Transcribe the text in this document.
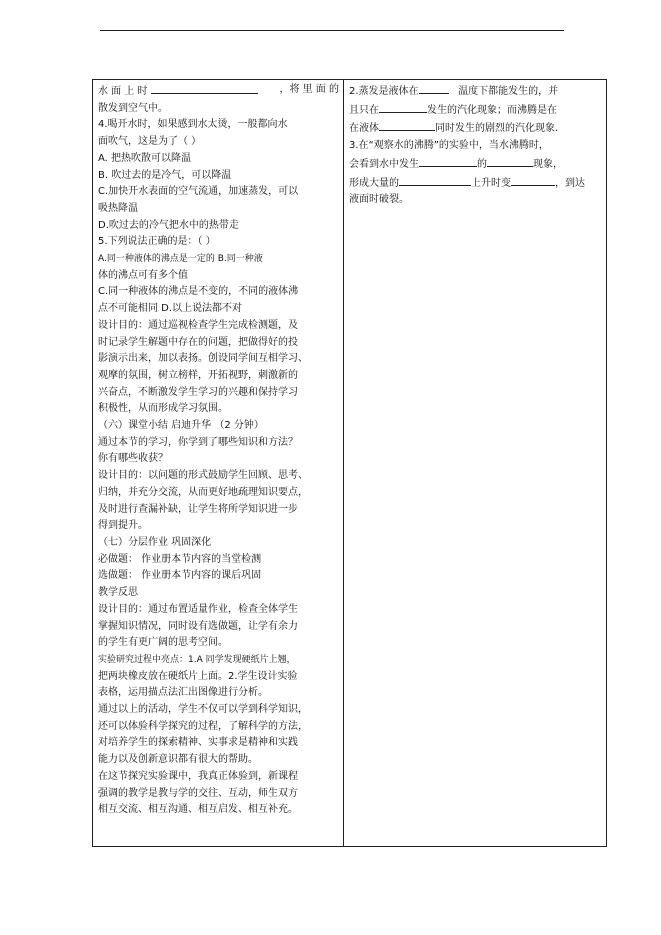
水 面 上 时	，将 里 面 的
散发到空气中。
4.喝开水时，如果感到水太烫，一般都向水
面吹气，这是为了（ ）
A. 把热吹散可以降温
B. 吹过去的是冷气，可以降温
C.加快开水表面的空气流通，加速蒸发，可以
吸热降温
D.吹过去的冷气把水中的热带走
5.下列说法正确的是：（ ）
A.同一种液体的沸点是一定的 B.同一种液
体的沸点可有多个值
C.同一种液体的沸点是不变的，不同的液体沸
点不可能相同 D.以上说法都不对
设计目的：通过巡视检查学生完成检测题，及
时记录学生解题中存在的问题，把做得好的投
影演示出来，加以表扬。创设同学间互相学习、
观摩的氛围，树立榜样，开拓视野，刺激新的
兴奋点，不断激发学生学习的兴趣和保持学习
积极性，从而形成学习氛围。
（六）课堂小结 启迪升华 （2 分钟）
通过本节的学习，你学到了哪些知识和方法？
你有哪些收获？
设计目的：以问题的形式鼓励学生回顾、思考、
归纳，并充分交流，从而更好地疏理知识要点，
及时进行查漏补缺，让学生将所学知识进一步
得到提升。
（七）分层作业 巩固深化
必做题： 作业册本节内容的当堂检测
选做题： 作业册本节内容的课后巩固
教学反思
设计目的：通过布置适量作业，检查全体学生
掌握知识情况，同时设有选做题，让学有余力
的学生有更广阔的思考空间。
实验研究过程中亮点：1.A 同学发现硬纸片上翘，
把两块橡皮放在硬纸片上面。2.学生设计实验
表格，运用描点法汇出图像进行分析。
通过以上的活动，学生不仅可以学到科学知识，
还可以体验科学探究的过程，了解科学的方法，
对培养学生的探索精神、实事求是精神和实践
能力以及创新意识都有很大的帮助。
在这节探究实验课中，我真正体验到，新课程
强调的教学是教与学的交往、互动，师生双方
相互交流、相互沟通、相互启发、相互补充。
2.蒸发是液体在	温度下都能发生的，并
且只在	发生的汽化现象；而沸腾是在
在液体	同时发生的剧烈的汽化现象.
3.在“观察水的沸腾”的实验中，当水沸腾时，
会看到水中发生	的	现象，
形成大量的	上升时变	，到达
液面时破裂。
